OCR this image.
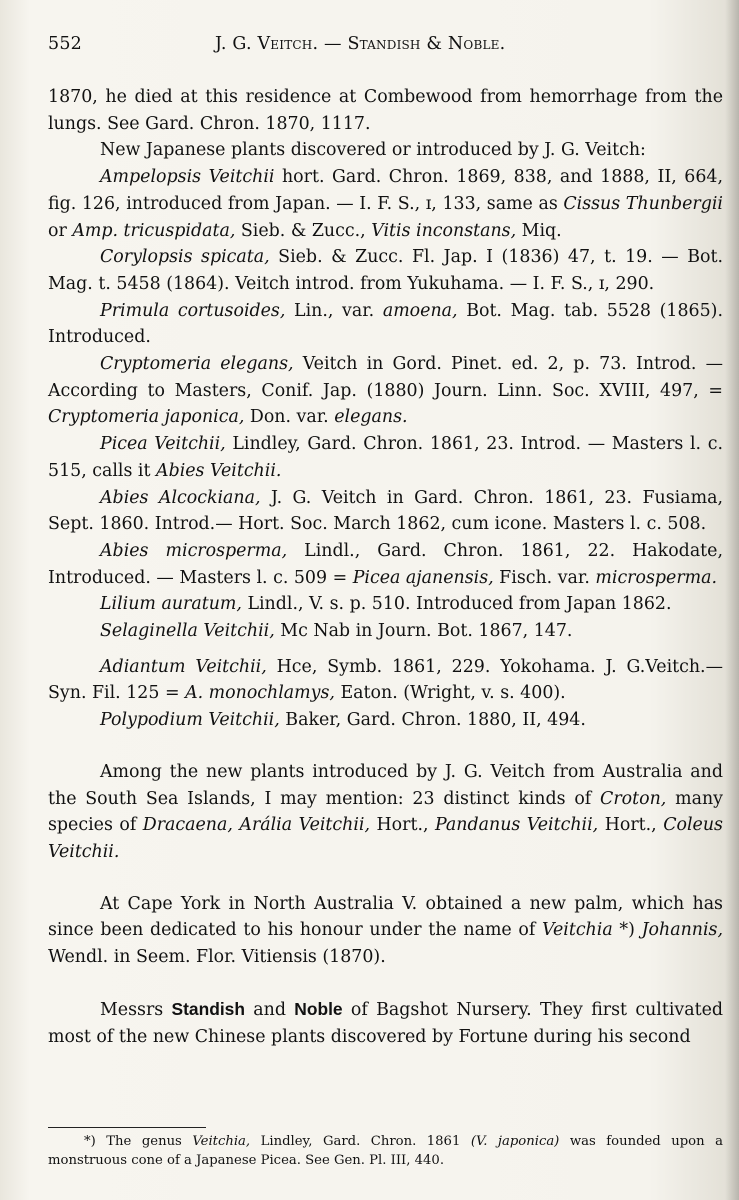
552	J. G. Veitch. — Standish & Noble.

1870, he died at this residence at Combewood from hemorrhage from the lungs. See Gard. Chron. 1870, 1117.

New Japanese plants discovered or introduced by J. G. Veitch:

Ampelopsis Veitchii hort. Gard. Chron. 1869, 838, and 1888, II, 664, fig. 126, introduced from Japan. — I. F. S., ɪ, 133, same as Cissus Thunbergii or Amp. tricuspidata, Sieb. & Zucc., Vitis inconstans, Miq.

Corylopsis spicata, Sieb. & Zucc. Fl. Jap. I (1836) 47, t. 19. — Bot. Mag. t. 5458 (1864). Veitch introd. from Yukuhama. — I. F. S., ɪ, 290.

Primula cortusoides, Lin., var. amoena, Bot. Mag. tab. 5528 (1865). Introduced.

Cryptomeria elegans, Veitch in Gord. Pinet. ed. 2, p. 73. Introd. — According to Masters, Conif. Jap. (1880) Journ. Linn. Soc. XVIII, 497, = Cryptomeria japonica, Don. var. elegans.

Picea Veitchii, Lindley, Gard. Chron. 1861, 23. Introd. — Masters l. c. 515, calls it Abies Veitchii.

Abies Alcockiana, J. G. Veitch in Gard. Chron. 1861, 23. Fusiama, Sept. 1860. Introd.— Hort. Soc. March 1862, cum icone. Masters l. c. 508.

Abies microsperma, Lindl., Gard. Chron. 1861, 22. Hakodate, Introduced. — Masters l. c. 509 = Picea ajanensis, Fisch. var. microsperma.

Lilium auratum, Lindl., V. s. p. 510. Introduced from Japan 1862.

Selaginella Veitchii, Mc Nab in Journ. Bot. 1867, 147.

Adiantum Veitchii, Hce, Symb. 1861, 229. Yokohama. J. G.Veitch.— Syn. Fil. 125 = A. monochlamys, Eaton. (Wright, v. s. 400).

Polypodium Veitchii, Baker, Gard. Chron. 1880, II, 494.

Among the new plants introduced by J. G. Veitch from Australia and the South Sea Islands, I may mention: 23 distinct kinds of Croton, many species of Dracaena, Arália Veitchii, Hort., Pandanus Veitchii, Hort., Coleus Veitchii.

At Cape York in North Australia V. obtained a new palm, which has since been dedicated to his honour under the name of Veitchia *) Johannis, Wendl. in Seem. Flor. Vitiensis (1870).

Messrs Standish and Noble of Bagshot Nursery. They first cultivated most of the new Chinese plants discovered by Fortune during his second

*) The genus Veitchia, Lindley, Gard. Chron. 1861 (V. japonica) was founded upon a monstruous cone of a Japanese Picea. See Gen. Pl. III, 440.
